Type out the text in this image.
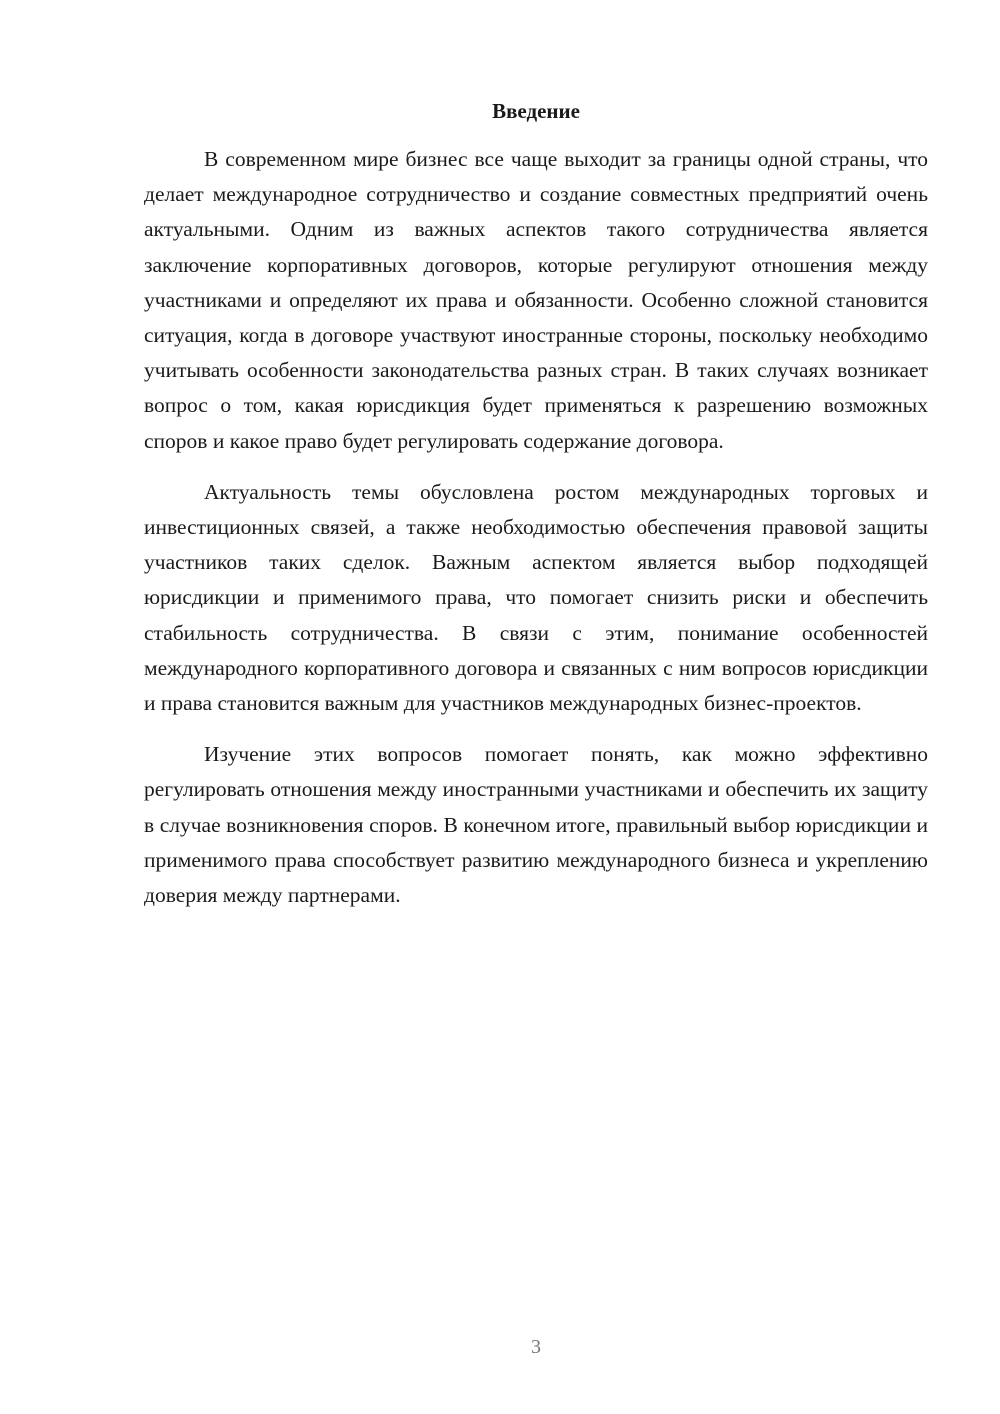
Введение

В современном мире бизнес все чаще выходит за границы одной страны, что делает международное сотрудничество и создание совместных предприятий очень актуальными. Одним из важных аспектов такого сотрудничества является заключение корпоративных договоров, которые регулируют отношения между участниками и определяют их права и обязанности. Особенно сложной становится ситуация, когда в договоре участвуют иностранные стороны, поскольку необходимо учитывать особенности законодательства разных стран. В таких случаях возникает вопрос о том, какая юрисдикция будет применяться к разрешению возможных споров и какое право будет регулировать содержание договора.

Актуальность темы обусловлена ростом международных торговых и инвестиционных связей, а также необходимостью обеспечения правовой защиты участников таких сделок. Важным аспектом является выбор подходящей юрисдикции и применимого права, что помогает снизить риски и обеспечить стабильность сотрудничества. В связи с этим, понимание особенностей международного корпоративного договора и связанных с ним вопросов юрисдикции и права становится важным для участников международных бизнес-проектов.

Изучение этих вопросов помогает понять, как можно эффективно регулировать отношения между иностранными участниками и обеспечить их защиту в случае возникновения споров. В конечном итоге, правильный выбор юрисдикции и применимого права способствует развитию международного бизнеса и укреплению доверия между партнерами.

3
